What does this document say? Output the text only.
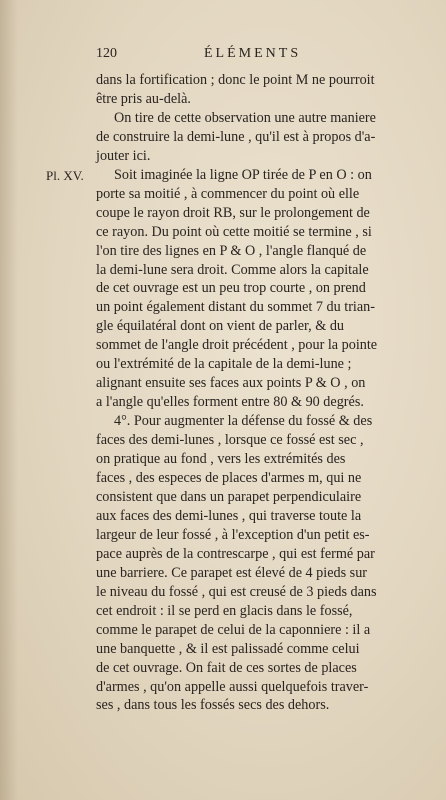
120	ÉLÉMENTS
Pl. XV.
dans la fortification ; donc le point M ne pourroit
être pris au-delà.
On tire de cette observation une autre maniere
de construire la demi-lune , qu'il est à propos d'a-
jouter ici.
Soit imaginée la ligne OP tirée de P en O : on
porte sa moitié , à commencer du point où elle
coupe le rayon droit RB, sur le prolongement de
ce rayon. Du point où cette moitié se termine , si
l'on tire des lignes en P & O , l'angle flanqué de
la demi-lune sera droit. Comme alors la capitale
de cet ouvrage est un peu trop courte , on prend
un point également distant du sommet 7 du trian-
gle équilatéral dont on vient de parler, & du
sommet de l'angle droit précédent , pour la pointe
ou l'extrémité de la capitale de la demi-lune ;
alignant ensuite ses faces aux points P & O , on
a l'angle qu'elles forment entre 80 & 90 degrés.
4°. Pour augmenter la défense du fossé & des
faces des demi-lunes , lorsque ce fossé est sec ,
on pratique au fond , vers les extrémités des
faces , des especes de places d'armes m, qui ne
consistent que dans un parapet perpendiculaire
aux faces des demi-lunes , qui traverse toute la
largeur de leur fossé , à l'exception d'un petit es-
pace auprès de la contrescarpe , qui est fermé par
une barriere. Ce parapet est élevé de 4 pieds sur
le niveau du fossé , qui est creusé de 3 pieds dans
cet endroit : il se perd en glacis dans le fossé,
comme le parapet de celui de la caponniere : il a
une banquette , & il est palissadé comme celui
de cet ouvrage. On fait de ces sortes de places
d'armes , qu'on appelle aussi quelquefois traver-
ses , dans tous les fossés secs des dehors.
